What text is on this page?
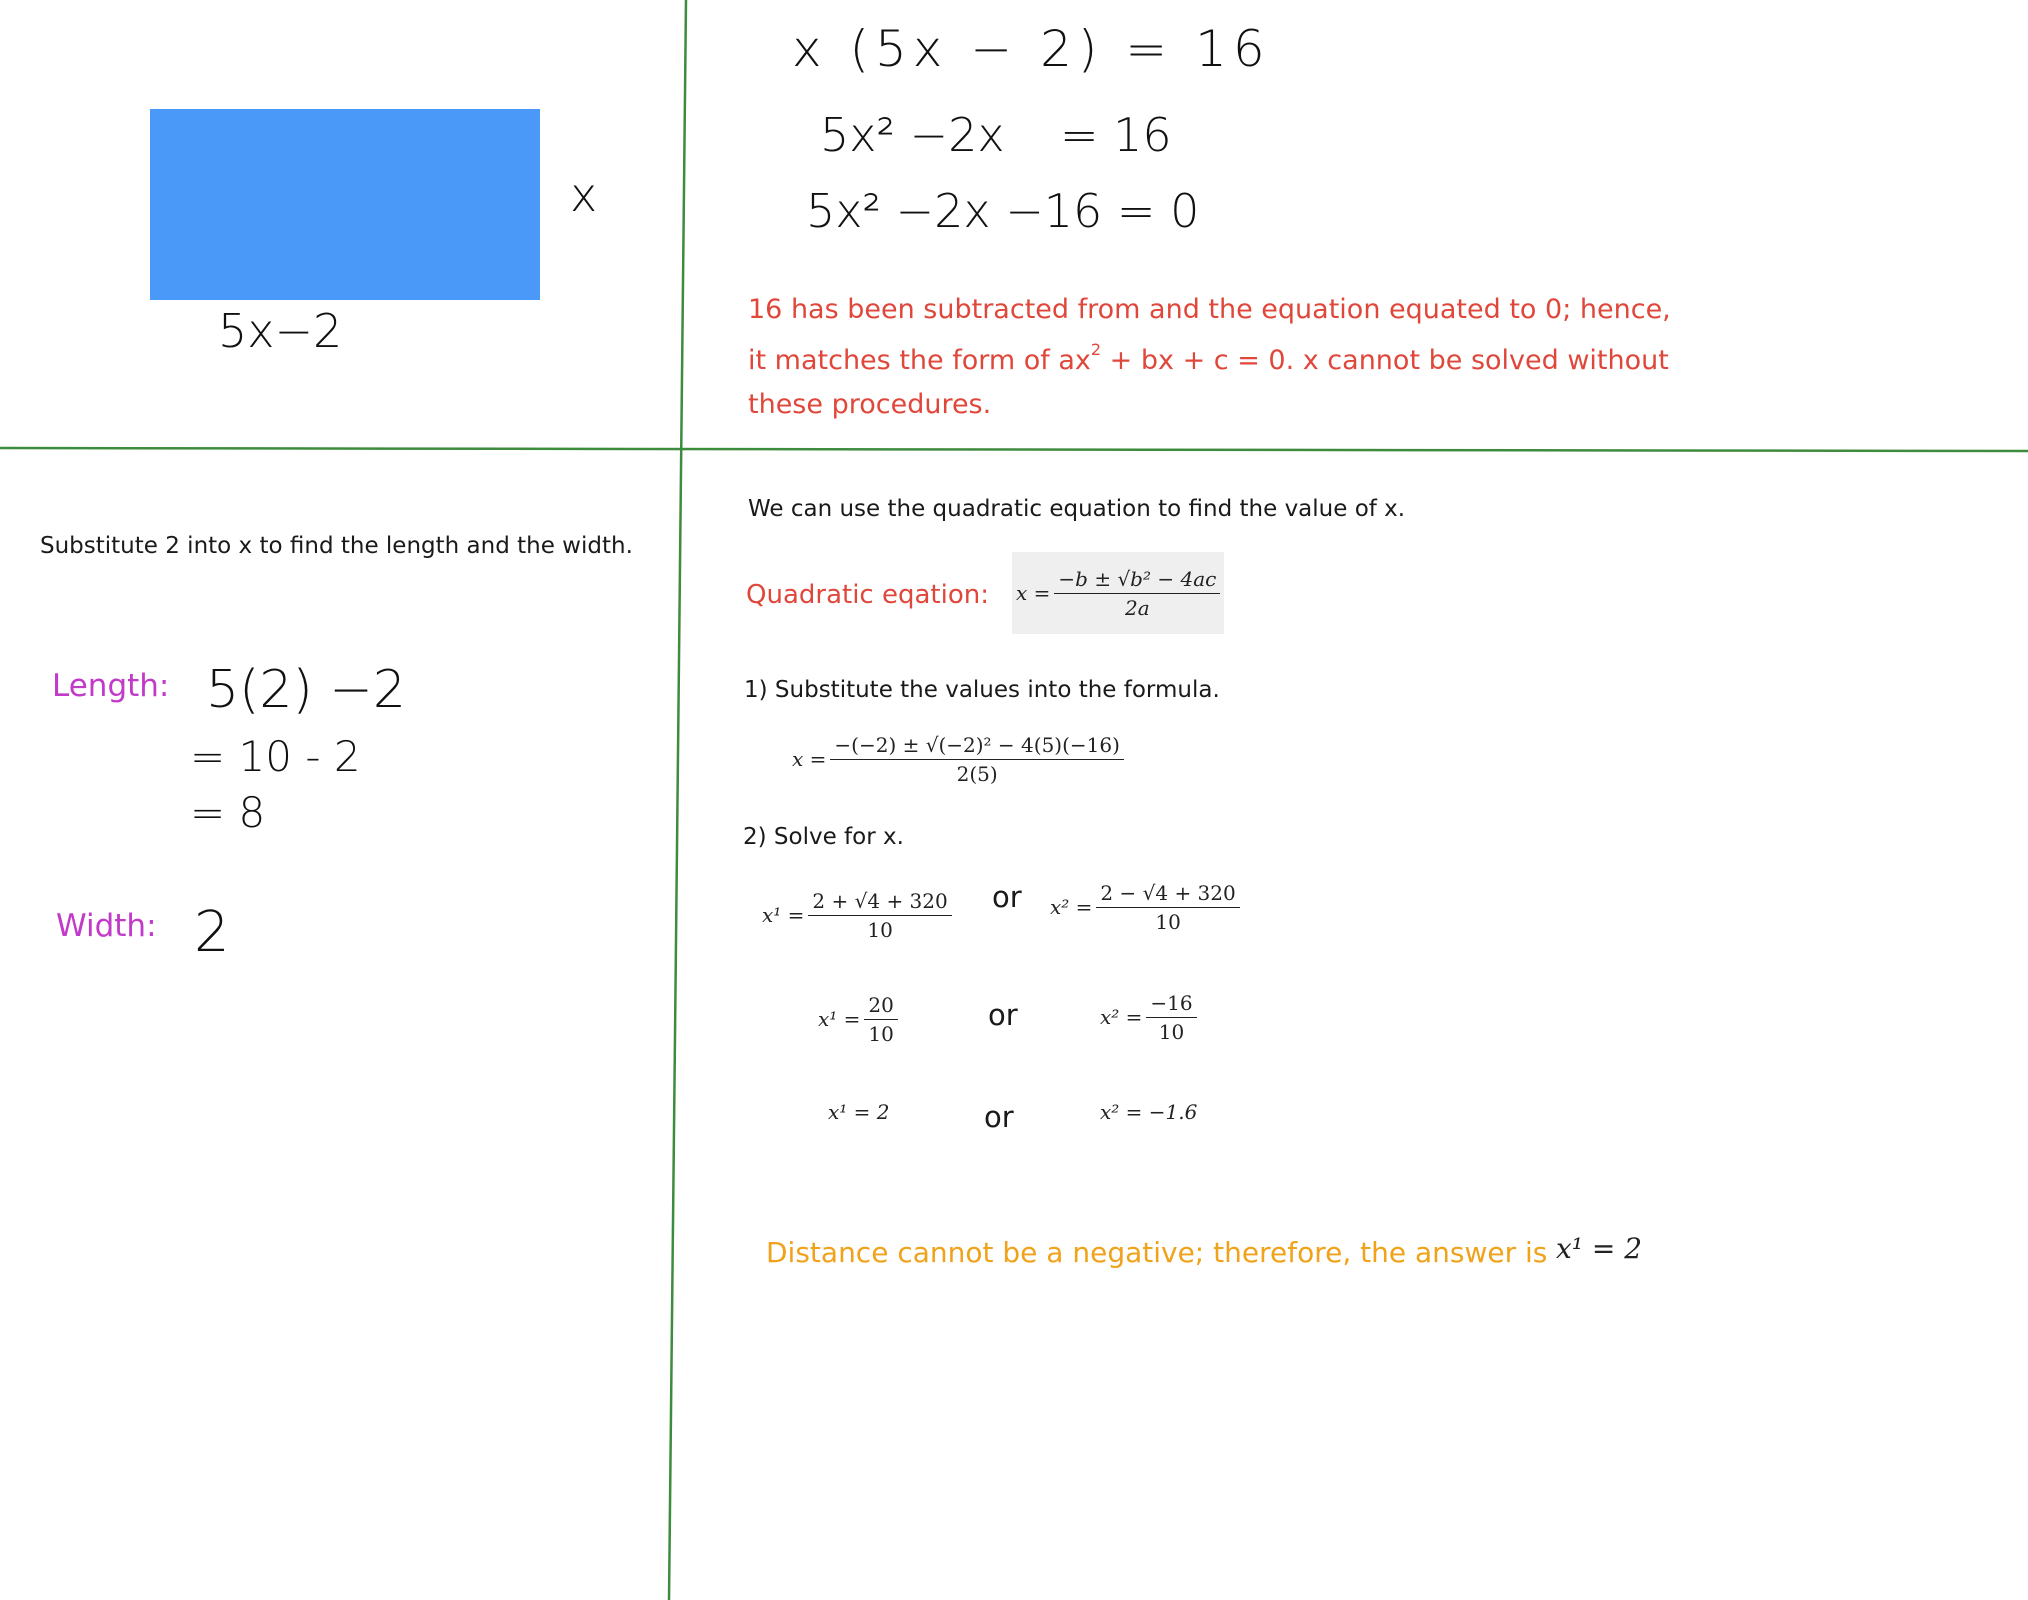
x
5x−2
x (5x − 2) = 16
5x² −2x = 16
5x² −2x −16 = 0
16 has been subtracted from and the equation equated to 0; hence,
it matches the form of $ax^2$ + bx + c = 0. x cannot be solved without
these procedures.
Substitute 2 into x to find the length and the width.
Length: 5(2) −2
= 10 - 2
= 8
Width: 2
We can use the quadratic equation to find the value of x.
Quadratic eqation: $x = \frac{\text{−b ± √b² − 4ac}}{2a}$
1) Substitute the values into the formula.
$x = \frac{\text{−(−2) ± √(−2)² − 4(5)(−16)}}{2(5)}$
2) Solve for x.
$x^1 = \frac{2 + √4 + 320}{10}$ or $x^2 = \frac{2 - √4 + 320}{10}$
$x^1 = \frac{20}{10}$	or	$x^2 = \frac{-16}{10}$
x¹ = 2	or	x² = −1.6
Distance cannot be a negative; therefore, the answer is x¹ = 2
